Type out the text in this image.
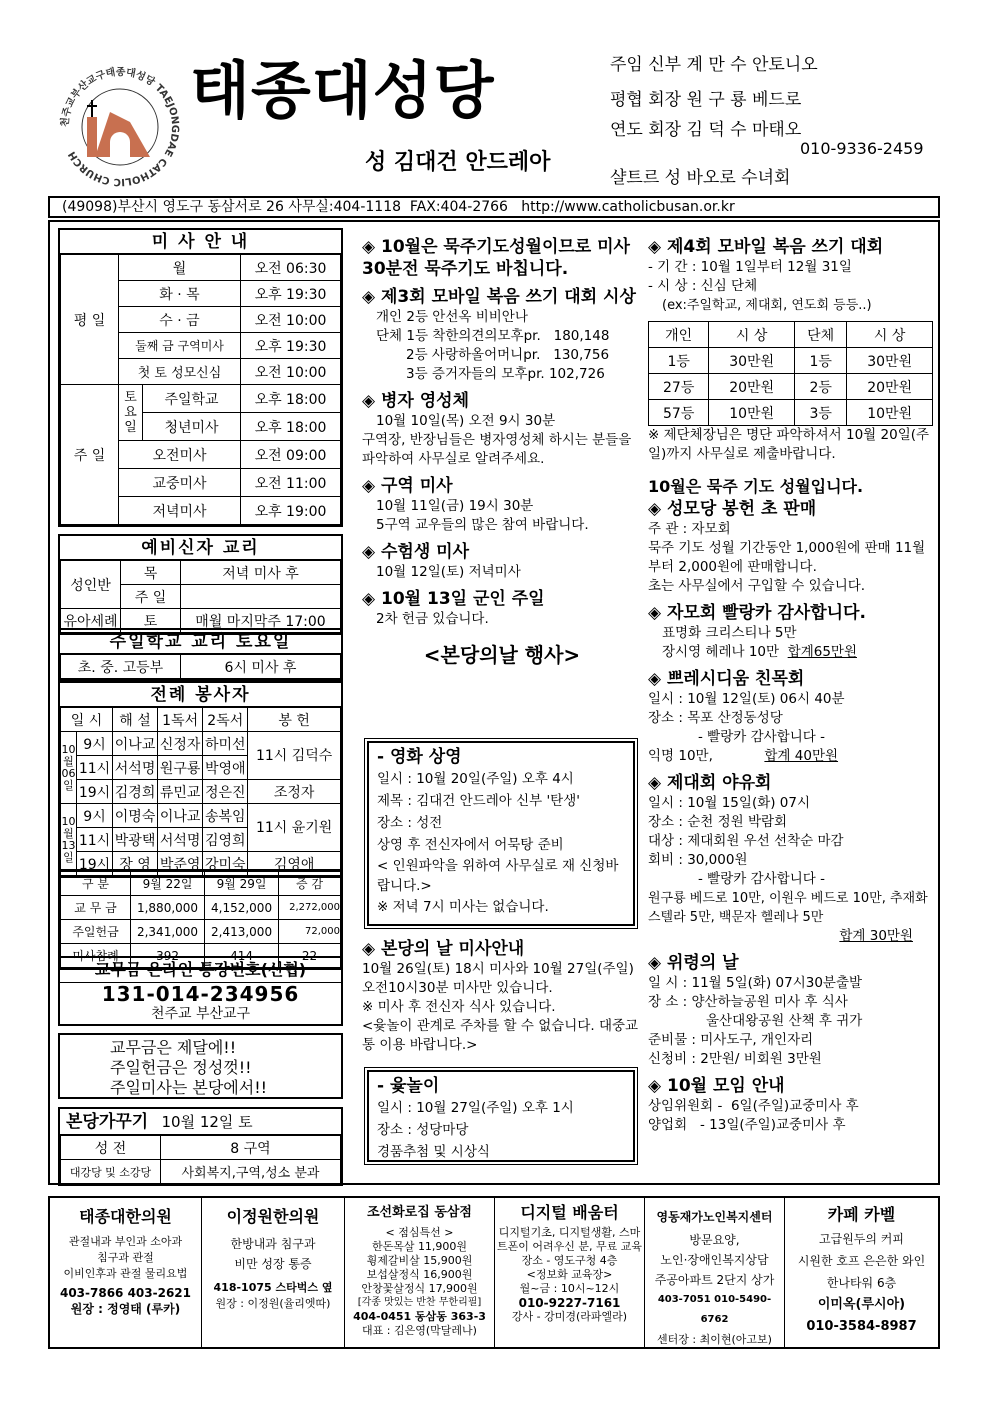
천주교부산교구태종대성당 TAEJONGDAE CATHOLIC CHURCH
태종대성당
성 김대건 안드레아
주임 신부 계 만 수 안토니오
평협 회장 원 구 룡 베드로
연도 회장 김 덕 수 마태오
010-9336-2459
샬트르 성 바오로 수녀회
(49098)부산시 영도구 동삼서로 26 사무실:404-1118  FAX:404-2766   http://www.catholicbusan.or.kr
미 사 안 내
평 일	월		오전 06:30
	화 · 목		오후 19:30
	수 · 금		오전 10:00
	둘째 금 구역미사		오후 19:30
	첫 토 성모신심		오전 10:00
주 일	토요일	주일학교	오후 18:00
		청년미사	오후 18:00
	오전미사		오전 09:00
	교중미사		오전 11:00
	저녁미사		오후 19:00
예비신자 교리
성인반	목	저녁 미사 후
	주 일	
유아세례	토	매월 마지막주 17:00
주일학교 교리 토요일
초. 중. 고등부	6시 미사 후
전례 봉사자
일 시		해 설	1독서	2독서	봉 헌
10월06일	9시	이나교	신정자	하미선	11시 김덕수
	11시	서석명	원구룡	박영애	
	19시	김경희	류민교	정은진	조정자
10월13일	9시	이명숙	이나교	송복임	11시 윤기원
	11시	박광택	서석명	김영희	
	19시	장 영	박준영	강미숙	김영애
구 분	9월 22일	9월 29일	증 감
교 무 금	1,880,000	4,152,000	2,272,000
주일헌금	2,341,000	2,413,000	72,000
미사참례	392	414	22
교무금 온라인 통장번호(신협)
131-014-234956
천주교 부산교구
교무금은 제달에!!
주일헌금은 정성껏!!
주일미사는 본당에서!!
본당가꾸기 10월 12일 토
성 전	8 구역
대강당 및 소강당	사회복지,구역,성소 분과
◈ 10월은 묵주기도성월이므로 미사 30분전 묵주기도 바칩니다.
◈ 제3회 모바일 복음 쓰기 대회 시상
개인 2등 안선옥 비비안나
단체 1등 착한의견의모후pr.   180,148
2등 사랑하올어머니pr.   130,756
3등 증거자들의 모후pr. 102,726
◈ 병자 영성체
10월 10일(목) 오전 9시 30분
구역장, 반장님들은 병자영성체 하시는 분들을 파악하여 사무실로 알려주세요.
◈ 구역 미사
10월 11일(금) 19시 30분
5구역 교우들의 많은 참여 바랍니다.
◈ 수험생 미사
10월 12일(토) 저녁미사
◈ 10월 13일 군인 주일
2차 헌금 있습니다.
<본당의날 행사>
- 영화 상영
일시 : 10월 20일(주일) 오후 4시
제목 : 김대건 안드레아 신부 '탄생'
장소 : 성전
상영 후 전신자에서 어묵탕 준비
< 인원파악을 위하여 사무실로 재 신청바랍니다.>
※ 저녁 7시 미사는 없습니다.
◈ 본당의 날 미사안내
10월 26일(토) 18시 미사와 10월 27일(주일) 오전10시30분 미사만 있습니다.
※ 미사 후 전신자 식사 있습니다.
<윷놀이 관계로 주차를 할 수 없습니다. 대중교통 이용 바랍니다.>
- 윷놀이
일시 : 10월 27일(주일) 오후 1시
장소 : 성당마당
경품추첨 및 시상식
◈ 제4회 모바일 복음 쓰기 대회
- 기 간 : 10월 1일부터 12월 31일
- 시 상 : 신심 단체
(ex:주일학교, 제대회, 연도회 등등..)
개인	시 상	단체	시 상
1등	30만원	1등	30만원
27등	20만원	2등	20만원
57등	10만원	3등	10만원
※ 제단체장님은 명단 파악하셔서 10월 20일(주일)까지 사무실로 제출바랍니다.
10월은 묵주 기도 성월입니다.
◈ 성모당 봉헌 초 판매
주 관 : 자모회
묵주 기도 성월 기간동안 1,000원에 판매 11월부터 2,000원에 판매합니다.
초는 사무실에서 구입할 수 있습니다.
◈ 자모회 빨랑카 감사합니다.
표명화 크리스티나 5만
장시영 헤레나 10만 합계65만원
◈ 쁘레시디움 친목회
일시 : 10월 12일(토) 06시 40분
장소 : 목포 산정동성당
- 빨랑카 감사합니다 -
익명 10만,	합계 40만원
◈ 제대회 야유회
일시 : 10월 15일(화) 07시
장소 : 순천 정원 박람회
대상 : 제대회원 우선 선착순 마감
회비 : 30,000원
- 빨랑카 감사합니다 -
원구룡 베드로 10만, 이원우 베드로 10만, 추재화 스텔라 5만, 백문자 헬레나 5만
합계 30만원
◈ 위령의 날
일 시 : 11월 5일(화) 07시30분출발
장 소 : 양산하늘공원 미사 후 식사
울산대왕공원 산책 후 귀가
준비물 : 미사도구, 개인자리
신청비 : 2만원/ 비회원 3만원
◈ 10월 모임 안내
상임위원회 -  6일(주일)교중미사 후
양업회   - 13일(주일)교중미사 후
태종대한의원
관절내과 부인과 소아과
침구과 관절
이비인후과 관절 물리요법
403-7866 403-2621
원장 : 정영태 (루카)
이정원한의원
한방내과 침구과
비만 성장 통증
418-1075 스타벅스 옆
원장 : 이정원(율리엣따)
조선화로집 동삼점
< 점심특선 >
한돈목살 11,900원
휭제갈비살 15,900원
보섭살정식 16,900원
안창꽃살정식 17,900원
[각종 맛있는 반찬 무한리필]
404-0451 동삼동 363-3
대표 : 김은영(막달레나)
디지털 배움터
디지털기초, 디지털생활, 스마트폰이 어려우신 분, 무료 교육
장소 - 영도구청 4층
<정보화 교육장>
월~금 : 10시~12시
010-9227-7161
강사 - 강미경(라파엘라)
영동재가노인복지센터
방문요양,
노인·장애인복지상담
주공아파트 2단지 상가
403-7051 010-5490-6762
센터장 : 최이현(아고보)
카페 카벨
고급원두의 커피
시원한 호프 은은한 와인
한나타워 6층
이미옥(루시아)
010-3584-8987
